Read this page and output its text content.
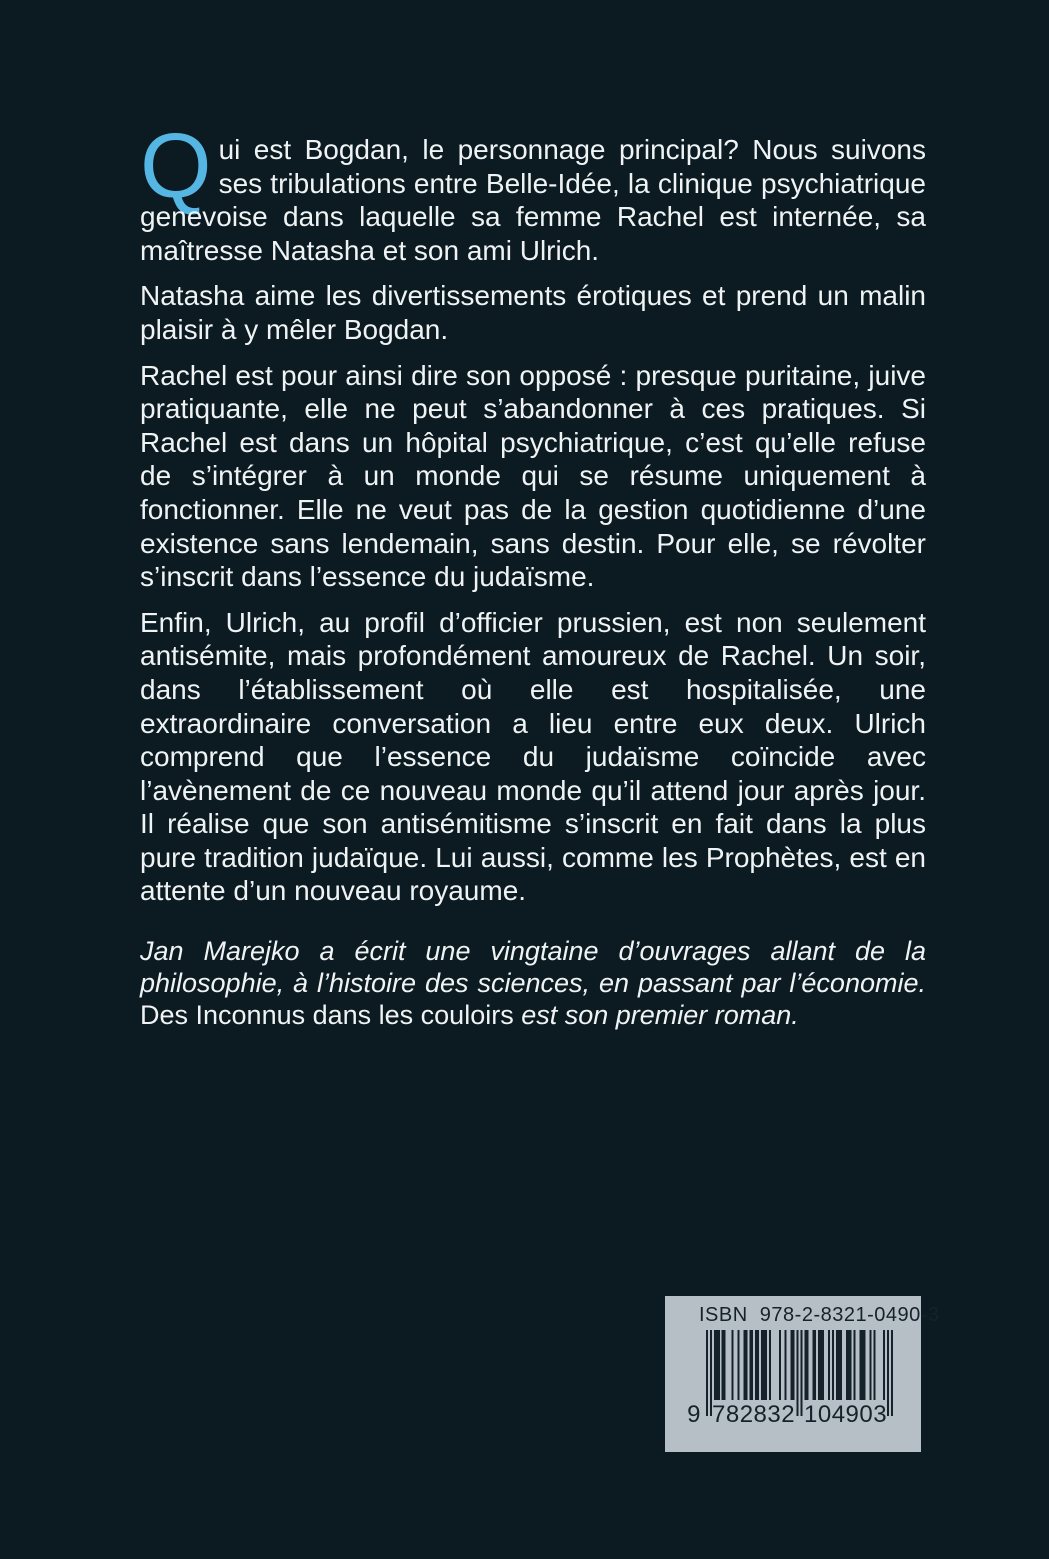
Qui est Bogdan, le personnage principal? Nous suivons ses tribulations entre Belle-Idée, la clinique psychiatrique genevoise dans laquelle sa femme Rachel est internée, sa maîtresse Natasha et son ami Ulrich.

Natasha aime les divertissements érotiques et prend un malin plaisir à y mêler Bogdan.

Rachel est pour ainsi dire son opposé : presque puritaine, juive pratiquante, elle ne peut s’abandonner à ces pratiques. Si Rachel est dans un hôpital psychiatrique, c’est qu’elle refuse de s’intégrer à un monde qui se résume uniquement à fonctionner. Elle ne veut pas de la gestion quotidienne d’une existence sans lendemain, sans destin. Pour elle, se révolter s’inscrit dans l’essence du judaïsme.

Enfin, Ulrich, au profil d’officier prussien, est non seulement antisémite, mais profondément amoureux de Rachel. Un soir, dans l’établissement où elle est hospitalisée, une extraordinaire conversation a lieu entre eux deux. Ulrich comprend que l’essence du judaïsme coïncide avec l’avènement de ce nouveau monde qu’il attend jour après jour. Il réalise que son antisémitisme s’inscrit en fait dans la plus pure tradition judaïque. Lui aussi, comme les Prophètes, est en attente d’un nouveau royaume.

Jan Marejko a écrit une vingtaine d’ouvrages allant de la philosophie, à l’histoire des sciences, en passant par l’économie. Des Inconnus dans les couloirs est son premier roman.

ISBN  978-2-8321-0490-3
9 782832 104903
